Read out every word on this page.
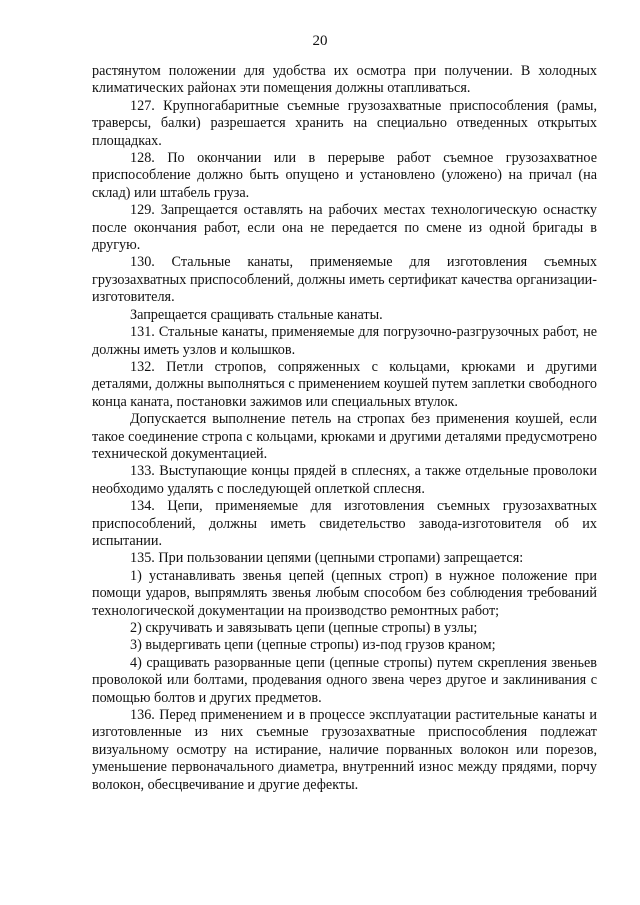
20

растянутом положении для удобства их осмотра при получении. В холодных климатических районах эти помещения должны отапливаться.

127. Крупногабаритные съемные грузозахватные приспособления (рамы, траверсы, балки) разрешается хранить на специально отведенных открытых площадках.

128. По окончании или в перерыве работ съемное грузозахватное приспособление должно быть опущено и установлено (уложено) на причал (на склад) или штабель груза.

129. Запрещается оставлять на рабочих местах технологическую оснастку после окончания работ, если она не передается по смене из одной бригады в другую.

130. Стальные канаты, применяемые для изготовления съемных грузозахватных приспособлений, должны иметь сертификат качества организации-изготовителя.

Запрещается сращивать стальные канаты.

131. Стальные канаты, применяемые для погрузочно-разгрузочных работ, не должны иметь узлов и колышков.

132. Петли стропов, сопряженных с кольцами, крюками и другими деталями, должны выполняться с применением коушей путем заплетки свободного конца каната, постановки зажимов или специальных втулок.

Допускается выполнение петель на стропах без применения коушей, если такое соединение стропа с кольцами, крюками и другими деталями предусмотрено технической документацией.

133. Выступающие концы прядей в сплеснях, а также отдельные проволоки необходимо удалять с последующей оплеткой сплесня.

134. Цепи, применяемые для изготовления съемных грузозахватных приспособлений, должны иметь свидетельство завода-изготовителя об их испытании.

135. При пользовании цепями (цепными стропами) запрещается:

1) устанавливать звенья цепей (цепных строп) в нужное положение при помощи ударов, выпрямлять звенья любым способом без соблюдения требований технологической документации на производство ремонтных работ;

2) скручивать и завязывать цепи (цепные стропы) в узлы;

3) выдергивать цепи (цепные стропы) из-под грузов краном;

4) сращивать разорванные цепи (цепные стропы) путем скрепления звеньев проволокой или болтами, продевания одного звена через другое и заклинивания с помощью болтов и других предметов.

136. Перед применением и в процессе эксплуатации растительные канаты и изготовленные из них съемные грузозахватные приспособления подлежат визуальному осмотру на истирание, наличие порванных волокон или порезов, уменьшение первоначального диаметра, внутренний износ между прядями, порчу волокон, обесцвечивание и другие дефекты.
